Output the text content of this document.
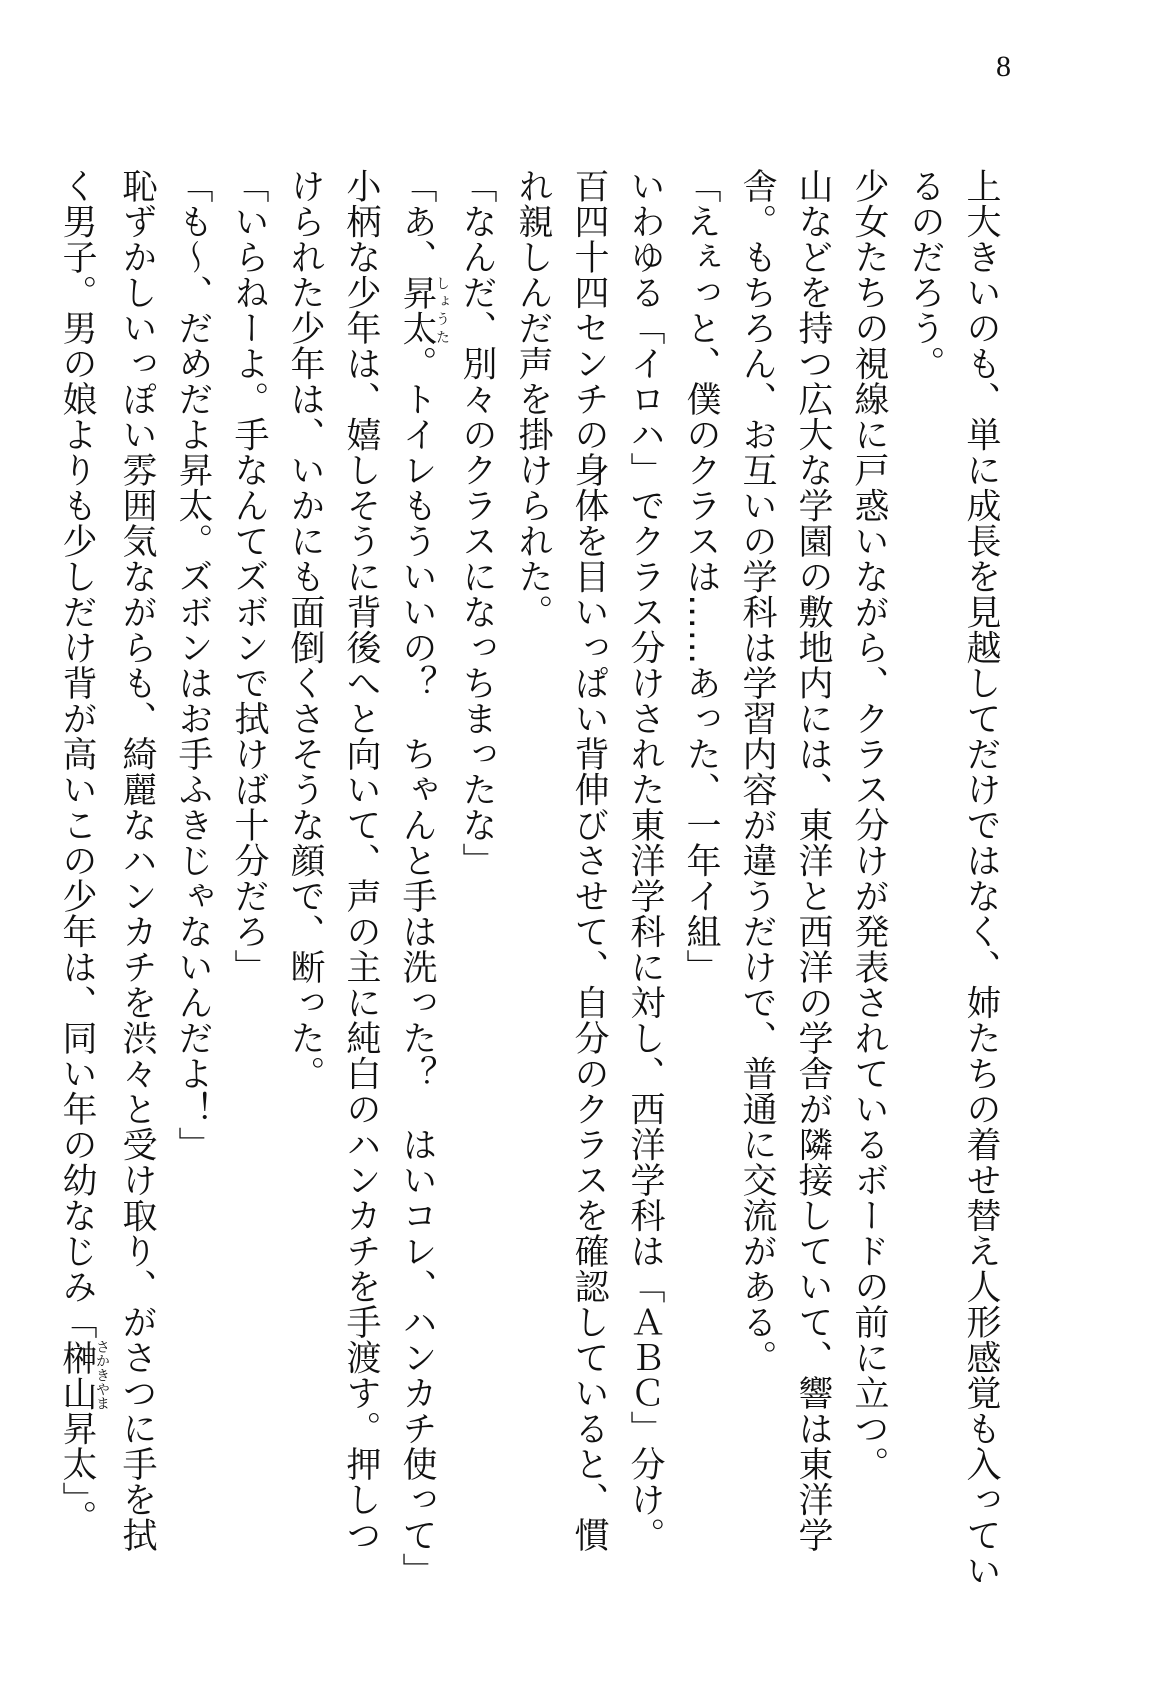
8

上大きいのも、単に成長を見越してだけではなく、姉たちの着せ替え人形感覚も入ってい

るのだろう。

少女たちの視線に戸惑いながら、クラス分けが発表されているボードの前に立つ。

山などを持つ広大な学園の敷地内には、東洋と西洋の学舎が隣接していて、響は東洋学

舎。もちろん、お互いの学科は学習内容が違うだけで、普通に交流がある。

「えぇっと、僕のクラスは……あった、一年イ組」

いわゆる「イロハ」でクラス分けされた東洋学科に対し、西洋学科は「ＡＢＣ」分け。

百四十四センチの身体を目いっぱい背伸びさせて、自分のクラスを確認していると、慣

れ親しんだ声を掛けられた。

「なんだ、別々のクラスになっちまったな」

「あ、昇太しょうた。トイレもういいの？　ちゃんと手は洗った？　はいコレ、ハンカチ使って」

小柄な少年は、嬉しそうに背後へと向いて、声の主に純白のハンカチを手渡す。押しつ

けられた少年は、いかにも面倒くさそうな顔で、断った。

「いらねーよ。手なんてズボンで拭けば十分だろ」

「も〜、だめだよ昇太。ズボンはお手ふきじゃないんだよ！」

恥ずかしいっぽい雰囲気ながらも、綺麗なハンカチを渋々と受け取り、がさつに手を拭

く男子。男の娘よりも少しだけ背が高いこの少年は、同い年の幼なじみ「榊山さかきやま昇太」。
